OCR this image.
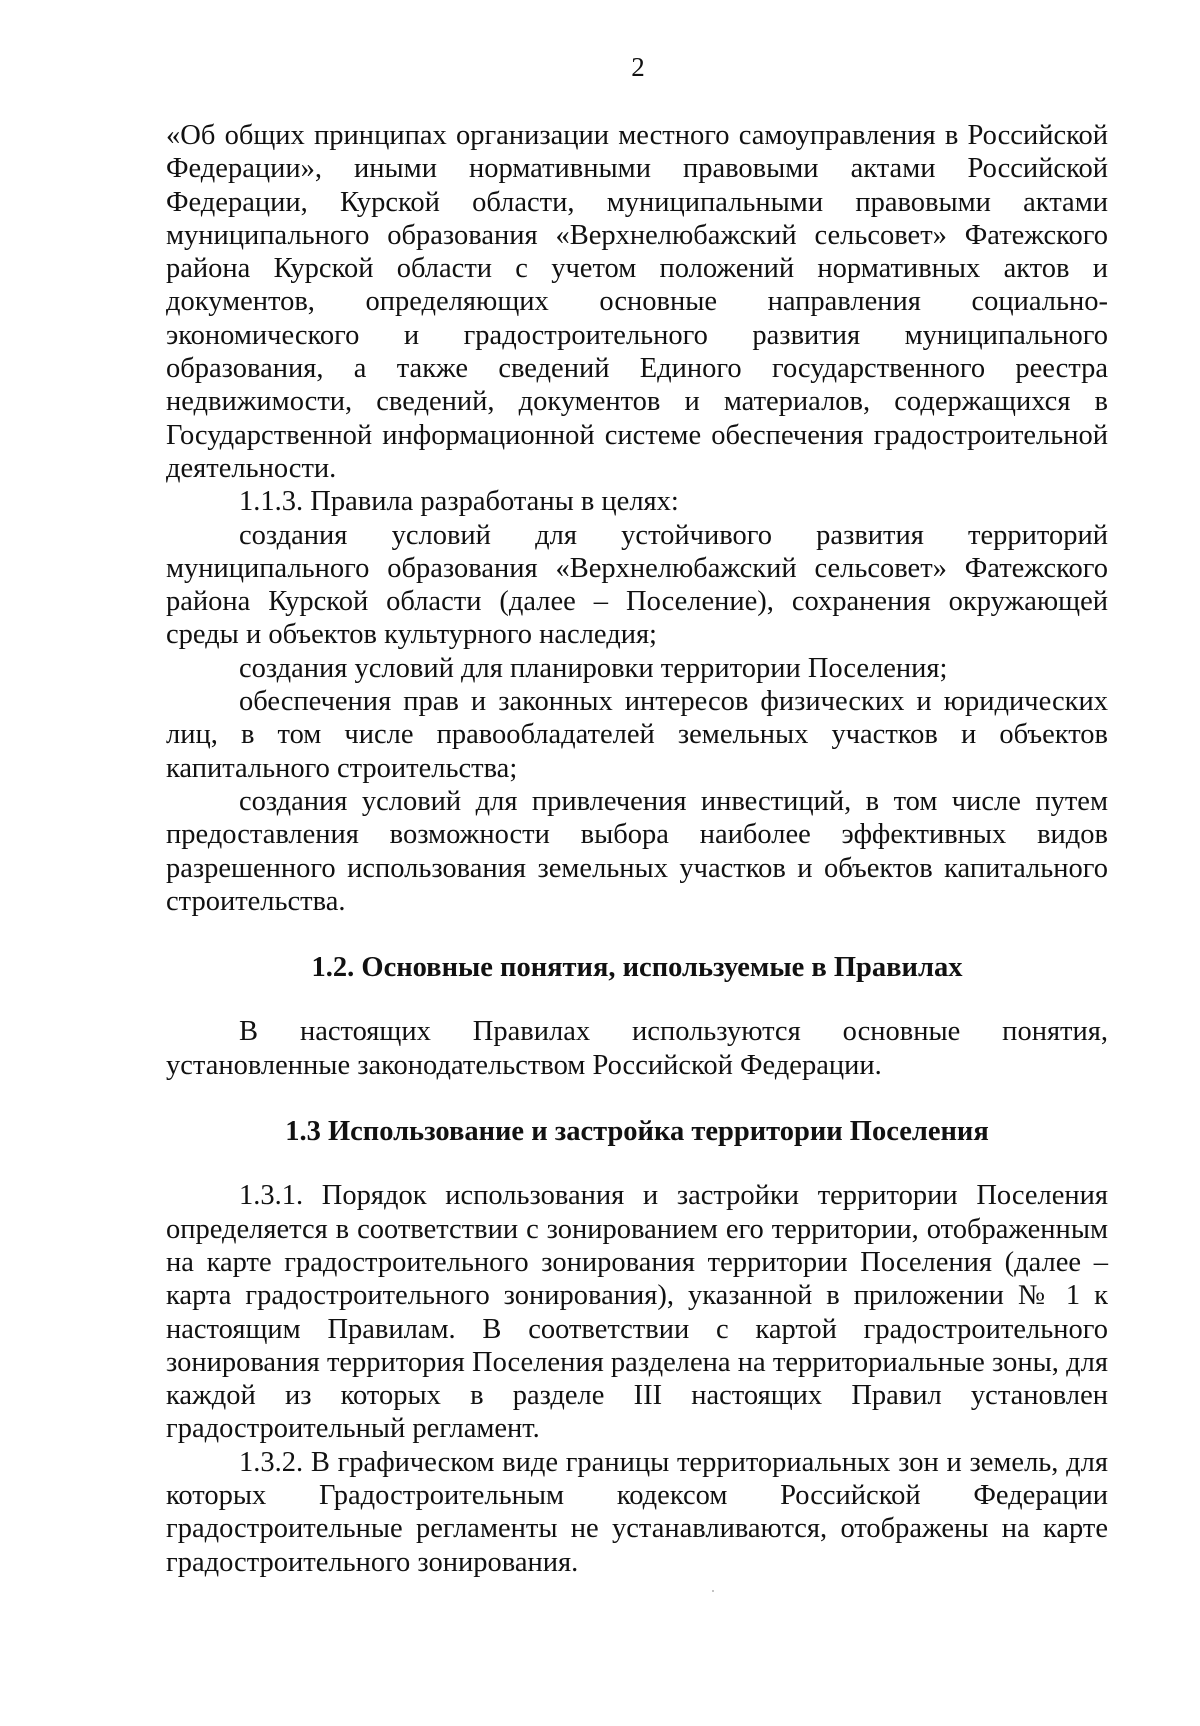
2

«Об общих принципах организации местного самоуправления в Российской Федерации», иными нормативными правовыми актами Российской Федерации, Курской области, муниципальными правовыми актами муниципального образования «Верхнелюбажский сельсовет» Фатежского района Курской области с учетом положений нормативных актов и документов, определяющих основные направления социально-экономического и градостроительного развития муниципального образования, а также сведений Единого государственного реестра недвижимости, сведений, документов и материалов, содержащихся в Государственной информационной системе обеспечения градостроительной деятельности.

1.1.3. Правила разработаны в целях:

создания условий для устойчивого развития территорий муниципального образования «Верхнелюбажский сельсовет» Фатежского района Курской области (далее – Поселение), сохранения окружающей среды и объектов культурного наследия;

создания условий для планировки территории Поселения;

обеспечения прав и законных интересов физических и юридических лиц, в том числе правообладателей земельных участков и объектов капитального строительства;

создания условий для привлечения инвестиций, в том числе путем предоставления возможности выбора наиболее эффективных видов разрешенного использования земельных участков и объектов капитального строительства.

1.2. Основные понятия, используемые в Правилах

В настоящих Правилах используются основные понятия, установленные законодательством Российской Федерации.

1.3 Использование и застройка территории Поселения

1.3.1. Порядок использования и застройки территории Поселения определяется в соответствии с зонированием его территории, отображенным на карте градостроительного зонирования территории Поселения (далее – карта градостроительного зонирования), указанной в приложении № 1 к настоящим Правилам. В соответствии с картой градостроительного зонирования территория Поселения разделена на территориальные зоны, для каждой из которых в разделе III настоящих Правил установлен градостроительный регламент.

1.3.2. В графическом виде границы территориальных зон и земель, для которых Градостроительным кодексом Российской Федерации градостроительные регламенты не устанавливаются, отображены на карте градостроительного зонирования.
